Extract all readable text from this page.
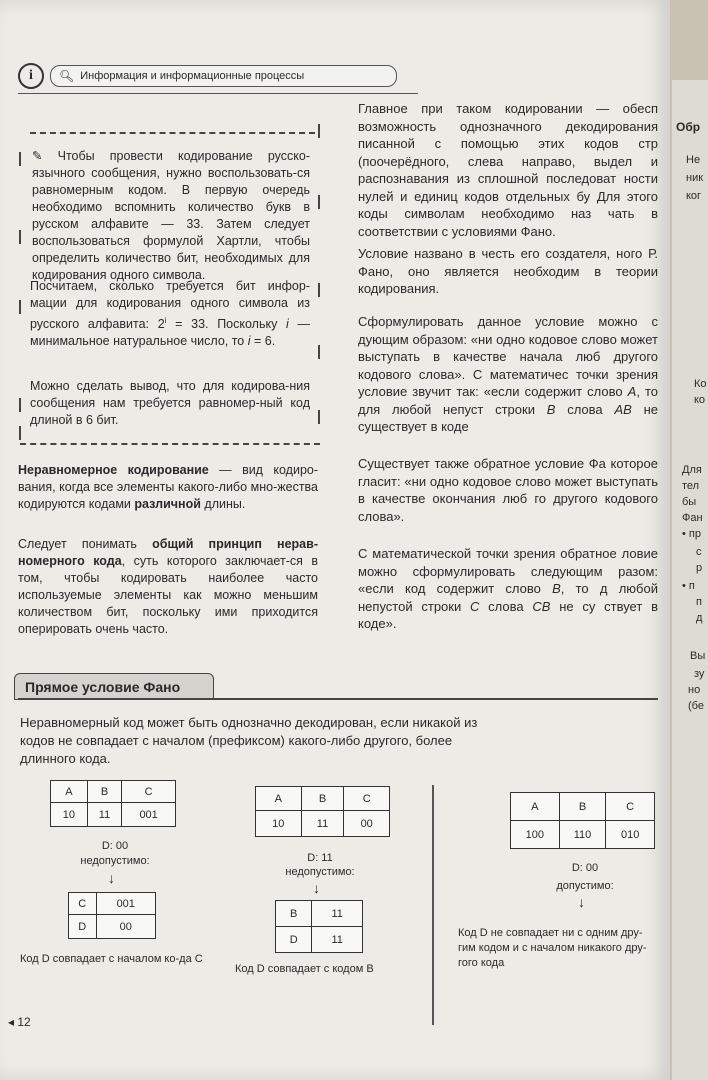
i	🔍︎ Информация и информационные процессы

✎ Чтобы провести кодирование русско-язычного сообщения, нужно воспользовать-ся равномерным кодом. В первую очередь необходимо вспомнить количество букв в русском алфавите — 33. Затем следует воспользоваться формулой Хартли, чтобы определить количество бит, необходимых для кодирования одного символа.

Посчитаем, сколько требуется бит инфор-мации для кодирования одного символа из русского алфавита: $2^i = 33$. Поскольку i — минимальное натуральное число, то i = 6.

Можно сделать вывод, что для кодирова-ния сообщения нам требуется равномер-ный код длиной в 6 бит.

Неравномерное кодирование — вид кодиро-вания, когда все элементы какого-либо мно-жества кодируются кодами различной длины.

Следует понимать общий принцип нерав-номерного кода, суть которого заключает-ся в том, чтобы кодировать наиболее часто используемые элементы как можно меньшим количеством бит, поскольку ими приходится оперировать очень часто.

Главное при таком кодировании — обесп возможность однозначного декодирования писанной с помощью этих кодов стр (поочерёдного, слева направо, выдел и распознавания из сплошной последоват ности нулей и единиц кодов отдельных бу Для этого коды символам необходимо наз чать в соответствии с условиями Фано.

Условие названо в честь его создателя, ного Р. Фано, оно является необходим в теории кодирования.

Сформулировать данное условие можно с дующим образом: «ни одно кодовое слово может выступать в качестве начала люб другого кодового слова». С математичес точки зрения условие звучит так: «если содержит слово A, то для любой непуст строки B слова AB не существует в коде

Существует также обратное условие Фа которое гласит: «ни одно кодовое слово может выступать в качестве окончания люб го другого кодового слова».

С математической точки зрения обратное ловие можно сформулировать следующим разом: «если код содержит слово B, то д любой непустой строки C слова CB не су ствует в коде».

Прямое условие Фано

Неравномерный код может быть однозначно декодирован, если никакой из кодов не совпадает с началом (префиксом) какого-либо другого, более длинного кода.

A	B	C
10	11	001
D: 00
недопустимо:
↓
C	001
D	00

Код D совпадает с началом ко-да C

A	B	C
10	11	00
D: 11
недопустимо:
↓
B	11
D	11

Код D совпадает с кодом B

A	B	C
100	110	010
D: 00
допустимо:
↓

Код D не совпадает ни с одним дру-гим кодом и с началом никакого дру-гого кода

◂ 12
Обр
Не
ник
ког
Ко
ко
Для
тел
бы
Фан
• пр
с
р
• п
п
д
Вы
зу
но
(бе
